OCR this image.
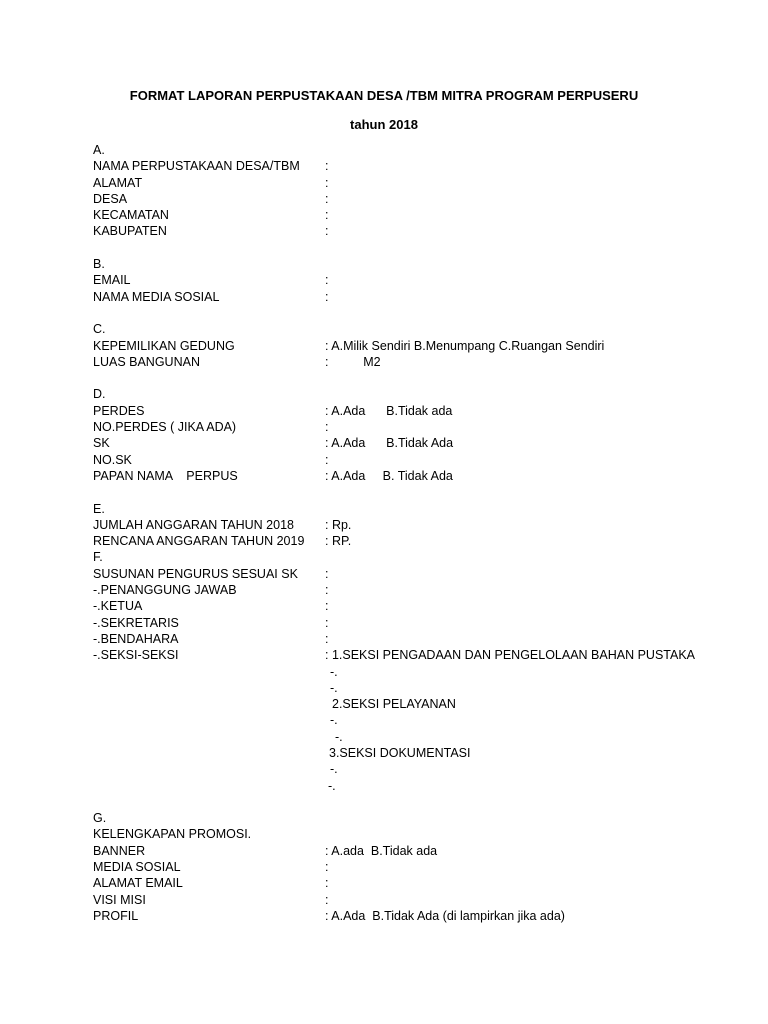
FORMAT LAPORAN PERPUSTAKAAN DESA /TBM MITRA PROGRAM PERPUSERU
tahun 2018
A.
NAMA PERPUSTAKAAN DESA/TBM :
ALAMAT	:
DESA	:
KECAMATAN	:
KABUPATEN	:
B.
EMAIL	:
NAMA MEDIA SOSIAL	:
C.
KEPEMILIKAN GEDUNG	: A.Milik Sendiri B.Menumpang C.Ruangan Sendiri
LUAS BANGUNAN	:          M2
D.
PERDES	: A.Ada      B.Tidak ada
NO.PERDES ( JIKA ADA)	:
SK	: A.Ada      B.Tidak Ada
NO.SK	:
PAPAN NAMA    PERPUS	: A.Ada     B. Tidak Ada
E.
JUMLAH ANGGARAN TAHUN 2018 : Rp.
RENCANA ANGGARAN TAHUN 2019 : RP.
F.
SUSUNAN PENGURUS SESUAI SK :
-.PENANGGUNG JAWAB	:
-.KETUA	:
-.SEKRETARIS	:
-.BENDAHARA	:
-.SEKSI-SEKSI	: 1.SEKSI PENGADAAN DAN PENGELOLAAN BAHAN PUSTAKA
-.
-.
2.SEKSI PELAYANAN
-.
-.
3.SEKSI DOKUMENTASI
-.
-.
G.
KELENGKAPAN PROMOSI.
BANNER	: A.ada  B.Tidak ada
MEDIA SOSIAL	:
ALAMAT EMAIL	:
VISI MISI	:
PROFIL	: A.Ada  B.Tidak Ada (di lampirkan jika ada)
